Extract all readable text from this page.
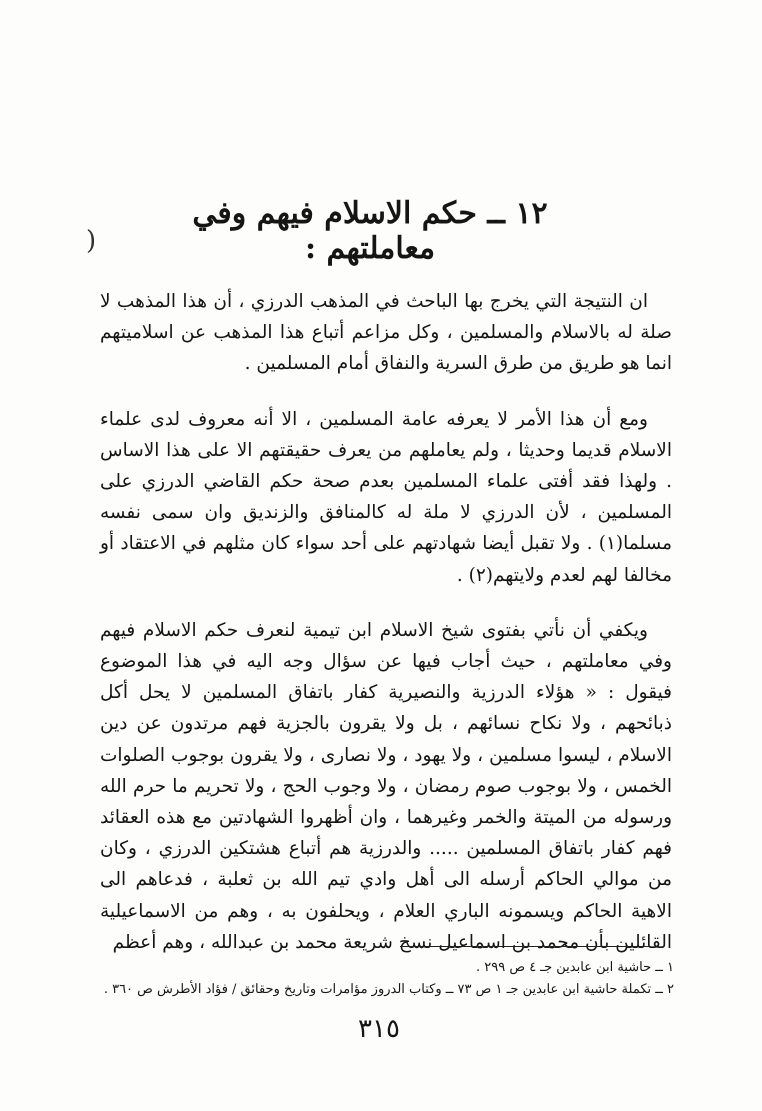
١٢ ــ حكم الاسلام فيهم وفي معاملتهم :
)

ان النتيجة التي يخرج بها الباحث في المذهب الدرزي ، أن هذا المذهب لا صلة له بالاسلام والمسلمين ، وكل مزاعم أتباع هذا المذهب عن اسلاميتهم انما هو طريق من طرق السرية والنفاق أمام المسلمين .

ومع أن هذا الأمر لا يعرفه عامة المسلمين ، الا أنه معروف لدى علماء الاسلام قديما وحديثا ، ولم يعاملهم من يعرف حقيقتهم الا على هذا الاساس . ولهذا فقد أفتى علماء المسلمين بعدم صحة حكم القاضي الدرزي على المسلمين ، لأن الدرزي لا ملة له كالمنافق والزنديق وان سمى نفسه مسلما(١) . ولا تقبل أيضا شهادتهم على أحد سواء كان مثلهم في الاعتقاد أو مخالفا لهم لعدم ولايتهم(٢) .

ويكفي أن نأتي بفتوى شيخ الاسلام ابن تيمية لنعرف حكم الاسلام فيهم وفي معاملتهم ، حيث أجاب فيها عن سؤال وجه اليه في هذا الموضوع فيقول : « هؤلاء الدرزية والنصيرية كفار باتفاق المسلمين لا يحل أكل ذبائحهم ، ولا نكاح نسائهم ، بل ولا يقرون بالجزية فهم مرتدون عن دين الاسلام ، ليسوا مسلمين ، ولا يهود ، ولا نصارى ، ولا يقرون بوجوب الصلوات الخمس ، ولا بوجوب صوم رمضان ، ولا وجوب الحج ، ولا تحريم ما حرم الله ورسوله من الميتة والخمر وغيرهما ، وان أظهروا الشهادتين مع هذه العقائد فهم كفار باتفاق المسلمين ..... والدرزية هم أتباع هشتكين الدرزي ، وكان من موالي الحاكم أرسله الى أهل وادي تيم الله بن ثعلبة ، فدعاهم الى الاهية الحاكم ويسمونه الباري العلام ، ويحلفون به ، وهم من الاسماعيلية القائلين بأن محمد بن اسماعيل نسخ شريعة محمد بن عبدالله ، وهم أعظم

١ ــ حاشية ابن عابدين جـ ٤ ص ٢٩٩ .

٢ ــ تكملة حاشية ابن عابدين جـ ١ ص ٧٣ ــ وكتاب الدروز مؤامرات وتاريخ وحقائق / فؤاد الأطرش ص ٣٦٠ .

٣١٥
